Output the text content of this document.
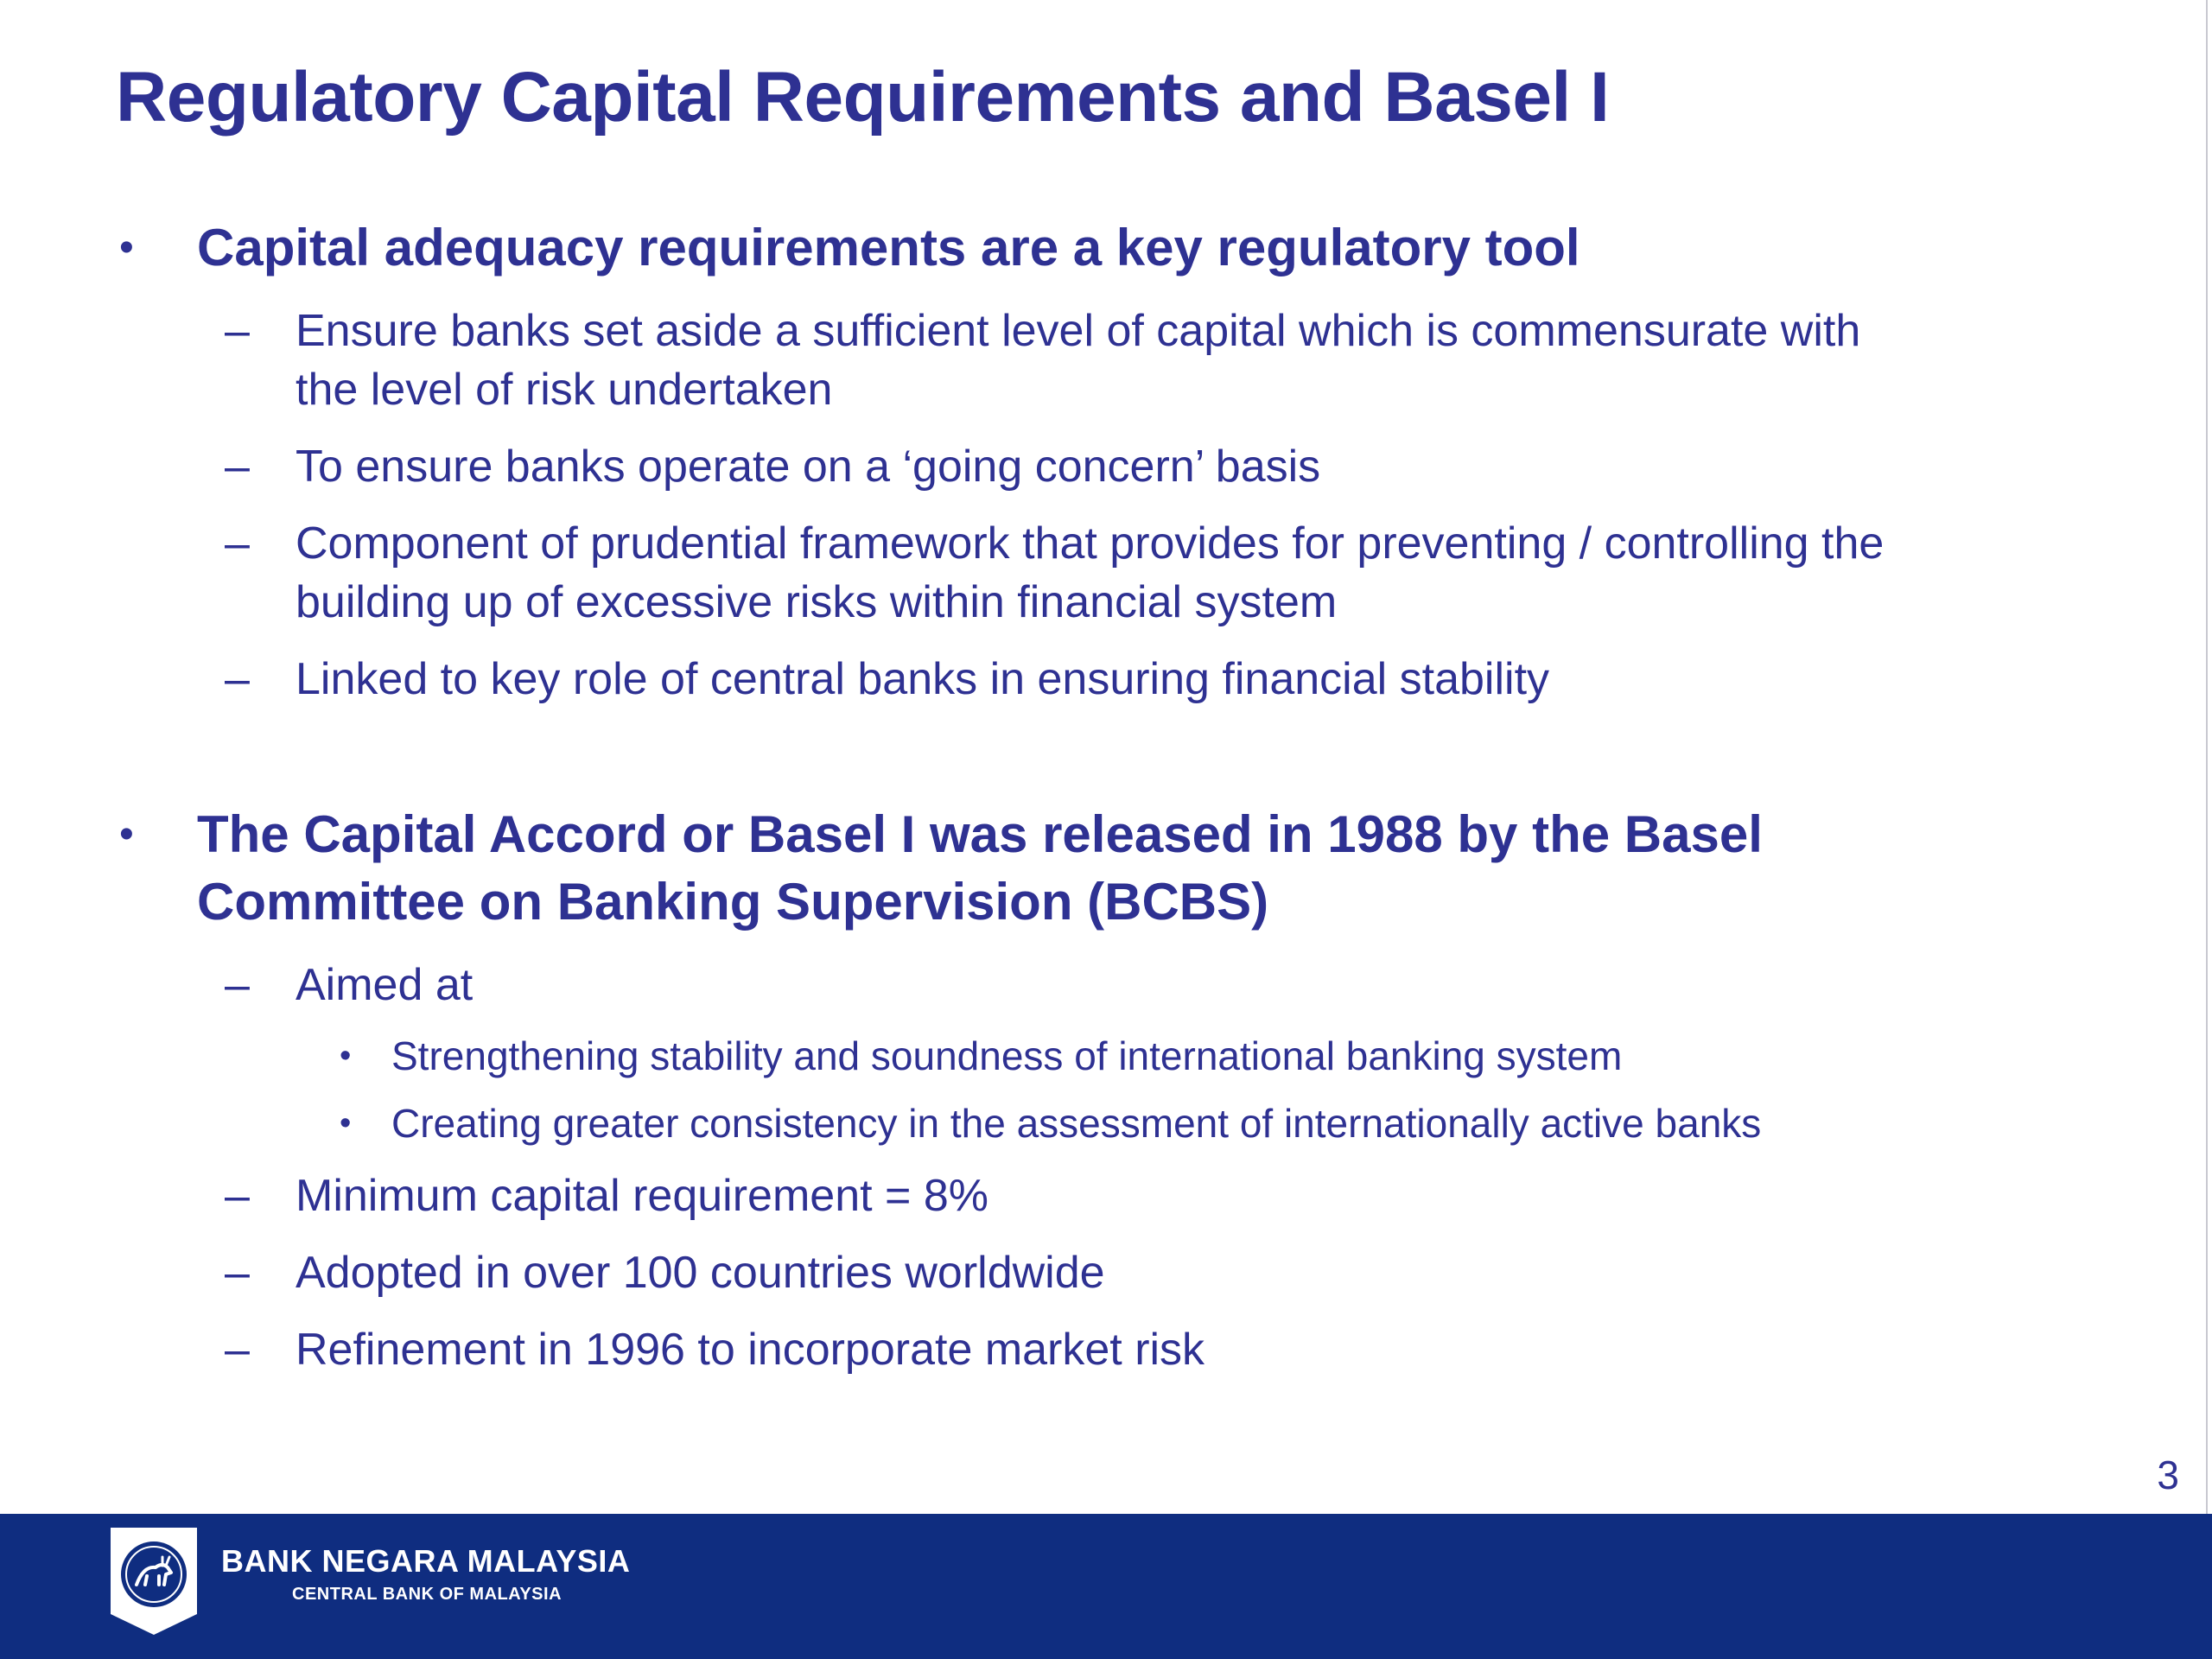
Regulatory Capital Requirements and Basel I
• Capital adequacy requirements are a key regulatory tool
– Ensure banks set aside a sufficient level of capital which is commensurate with
the level of risk undertaken
– To ensure banks operate on a ‘going concern’ basis
– Component of prudential framework that provides for preventing / controlling the
building up of excessive risks within financial system
– Linked to key role of central banks in ensuring financial stability
• The Capital Accord or Basel I was released in 1988 by the Basel
Committee on Banking Supervision (BCBS)
– Aimed at
• Strengthening stability and soundness of international banking system
• Creating greater consistency in the assessment of internationally active banks
– Minimum capital requirement = 8%
– Adopted in over 100 countries worldwide
– Refinement in 1996 to incorporate market risk
3
BANK NEGARA MALAYSIA
CENTRAL BANK OF MALAYSIA
